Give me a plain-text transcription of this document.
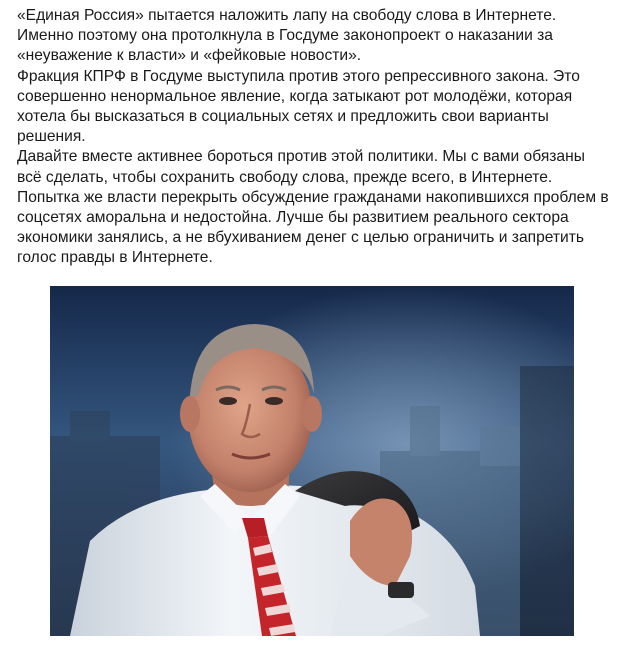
«Единая Россия» пытается наложить лапу на свободу слова в Интернете. Именно поэтому она протолкнула в Госдуме законопроект о наказании за «неуважение к власти» и «фейковые новости».

Фракция КПРФ в Госдуме выступила против этого репрессивного закона. Это совершенно ненормальное явление, когда затыкают рот молодёжи, которая хотела бы высказаться в социальных сетях и предложить свои варианты решения.

Давайте вместе активнее бороться против этой политики. Мы с вами обязаны всё сделать, чтобы сохранить свободу слова, прежде всего, в Интернете. Попытка же власти перекрыть обсуждение гражданами накопившихся проблем в соцсетях аморальна и недостойна. Лучше бы развитием реального сектора экономики занялись, а не вбухиванием денег с целью ограничить и запретить голос правды в Интернете.
